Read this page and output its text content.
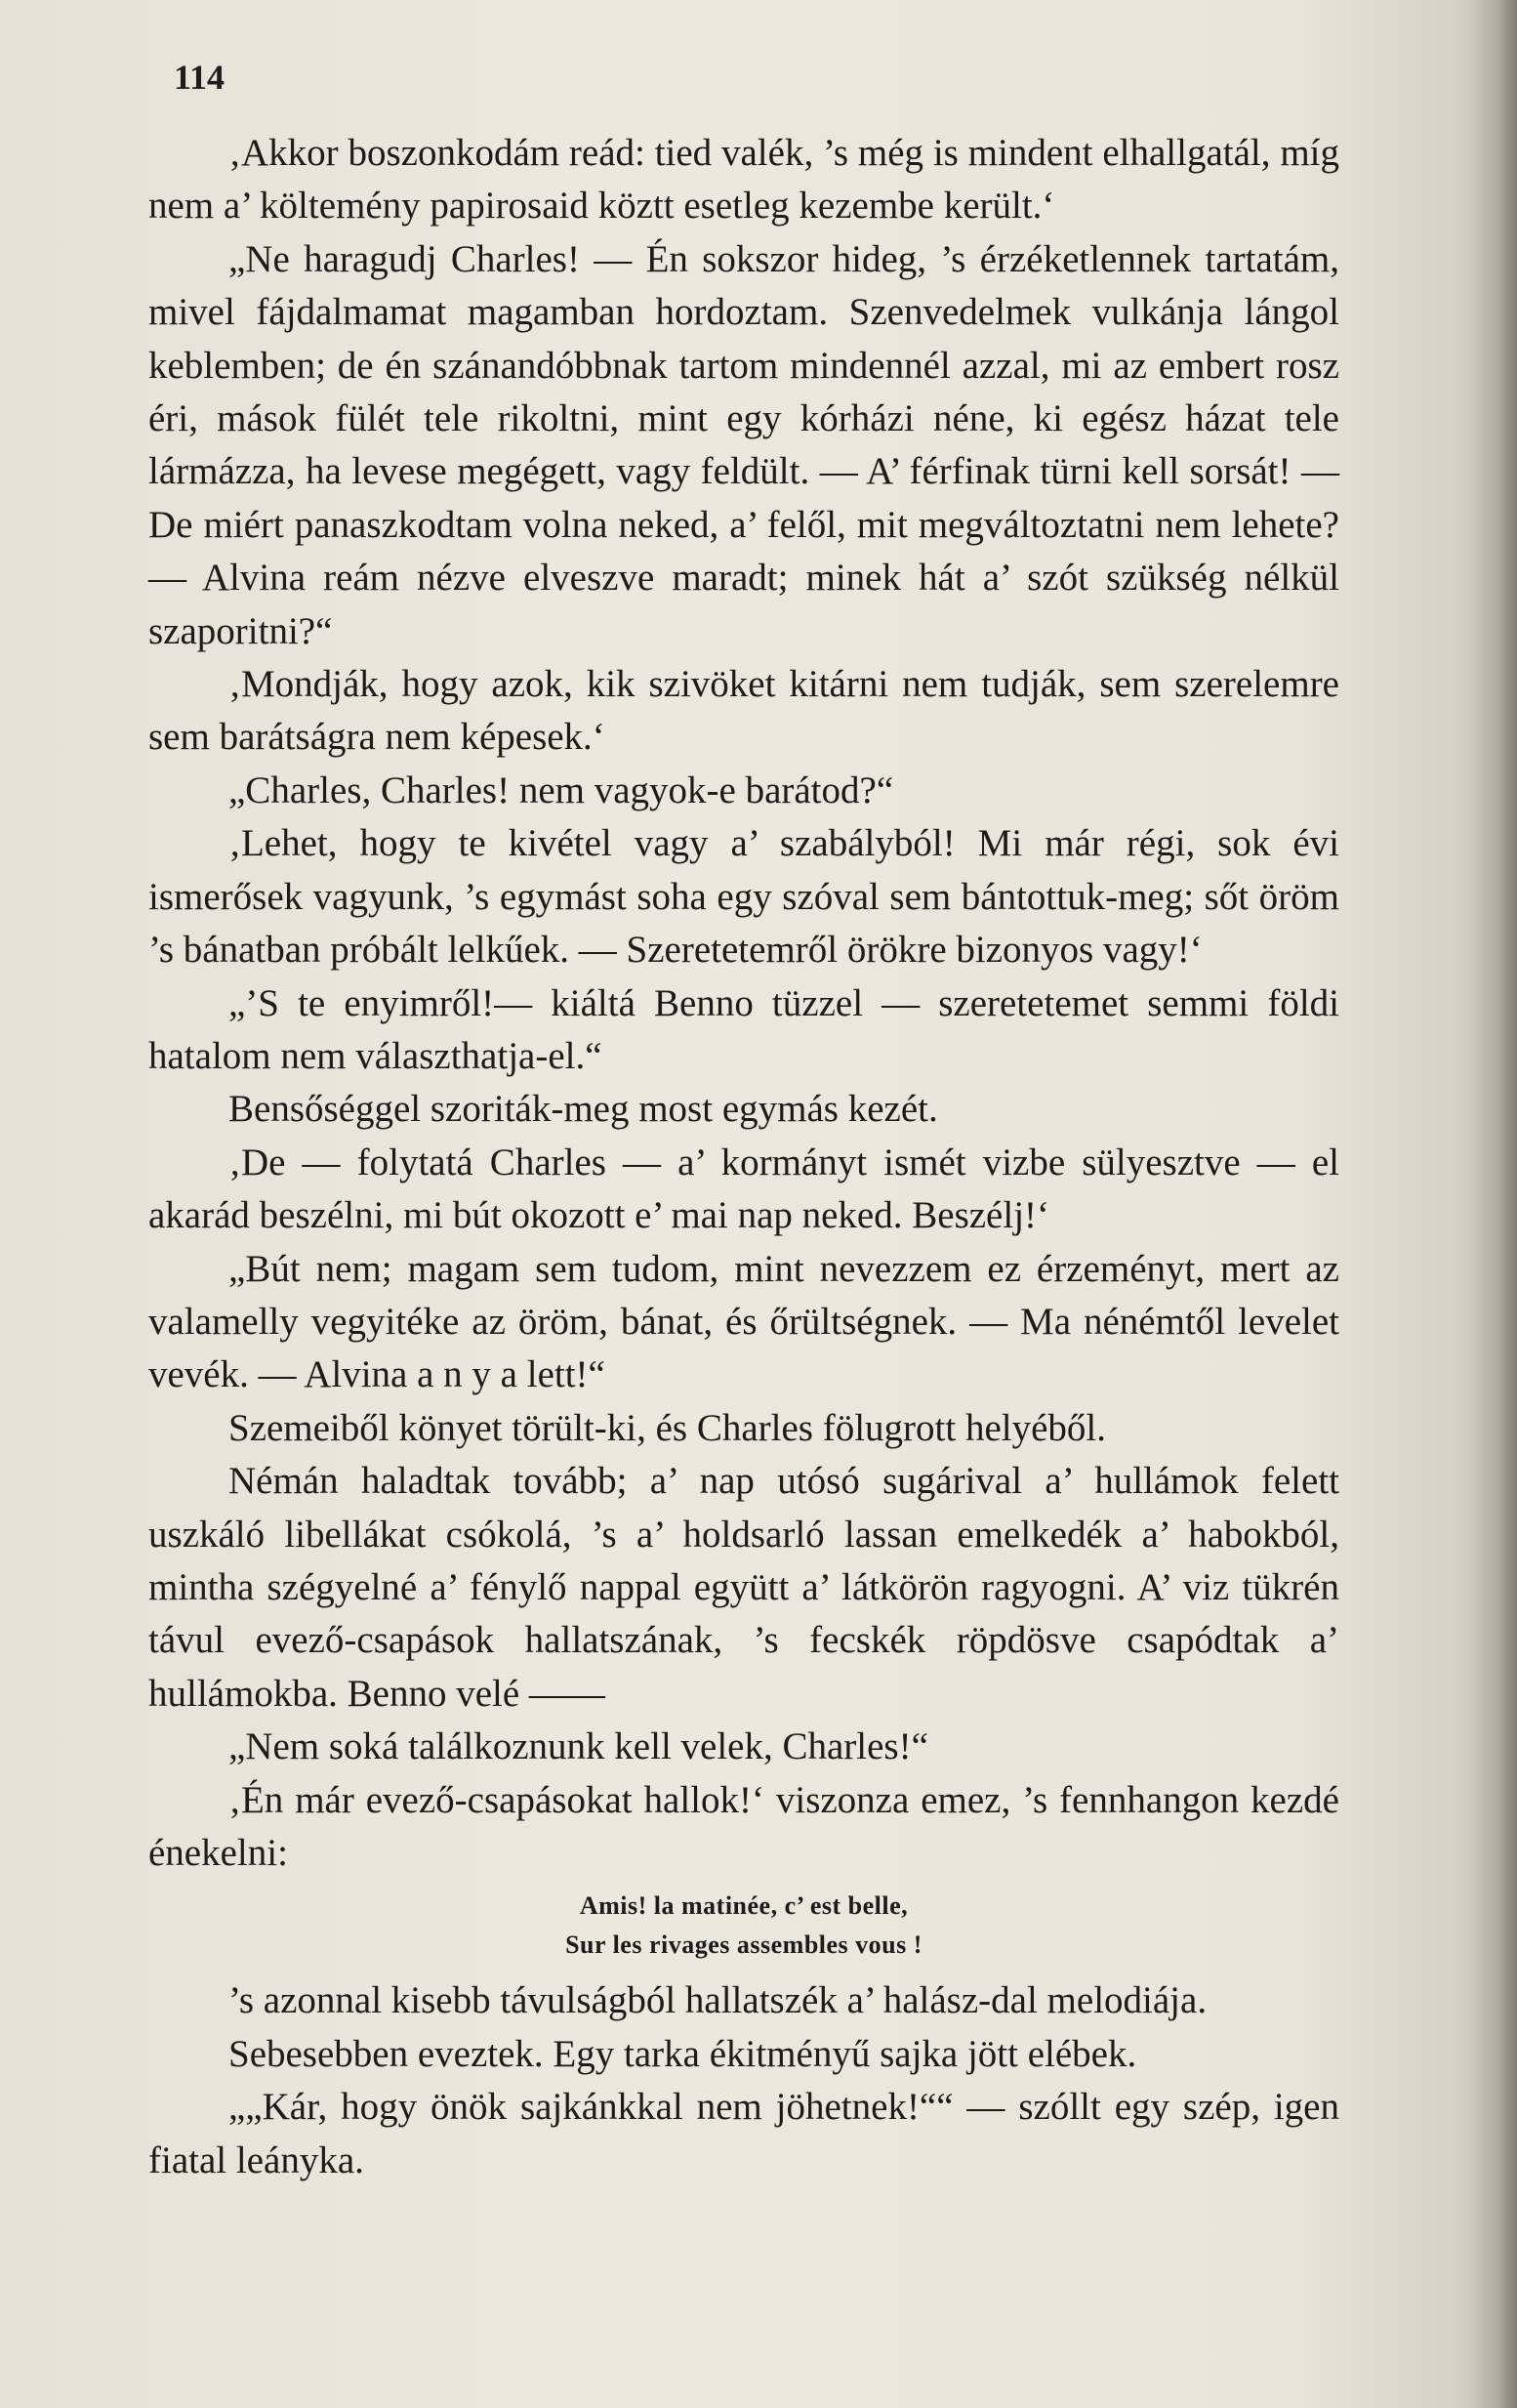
114

‚Akkor boszonkodám reád: tied valék, ’s még is mindent elhallgatál, míg nem a’ költemény papirosaid köztt esetleg kezembe került.‘

„Ne haragudj Charles! — Én sokszor hideg, ’s érzéketlennek tartatám, mivel fájdalmamat magamban hordoztam. Szenvedelmek vulkánja lángol keblemben; de én szánandóbbnak tartom mindennél azzal, mi az embert rosz éri, mások fülét tele rikoltni, mint egy kórházi néne, ki egész házat tele lármázza, ha levese megégett, vagy feldült. — A’ férfinak türni kell sorsát! — De miért panaszkodtam volna neked, a’ felől, mit megváltoztatni nem lehete? — Alvina reám nézve elveszve maradt; minek hát a’ szót szükség nélkül szaporitni?“

‚Mondják, hogy azok, kik szivöket kitárni nem tudják, sem szerelemre sem barátságra nem képesek.‘

„Charles, Charles! nem vagyok-e barátod?“

‚Lehet, hogy te kivétel vagy a’ szabályból! Mi már régi, sok évi ismerősek vagyunk, ’s egymást soha egy szóval sem bántottuk-meg; sőt öröm ’s bánatban próbált lelkűek. — Szeretetemről örökre bizonyos vagy!‘

„’S te enyimről!— kiáltá Benno tüzzel — szeretetemet semmi földi hatalom nem választhatja-el.“

Bensőséggel szoriták-meg most egymás kezét.

‚De — folytatá Charles — a’ kormányt ismét vizbe sülyesztve — el akarád beszélni, mi bút okozott e’ mai nap neked. Beszélj!‘

„Bút nem; magam sem tudom, mint nevezzem ez érzeményt, mert az valamelly vegyitéke az öröm, bánat, és őrültségnek. — Ma nénémtől levelet vevék. — Alvina a n y a lett!“

Szemeiből könyet törült-ki, és Charles fölugrott helyéből.

Némán haladtak tovább; a’ nap utósó sugárival a’ hullámok felett uszkáló libellákat csókolá, ’s a’ holdsarló lassan emelkedék a’ habokból, mintha szégyelné a’ fénylő nappal együtt a’ látkörön ragyogni. A’ viz tükrén távul evező-csapások hallatszának, ’s fecskék röpdösve csapódtak a’ hullámokba. Benno velé ——

„Nem soká találkoznunk kell velek, Charles!“

‚Én már evező-csapásokat hallok!‘ viszonza emez, ’s fennhangon kezdé énekelni:

Amis! la matinée, c’ est belle,
Sur les rivages assembles vous !

’s azonnal kisebb távulságból hallatszék a’ halász-dal melodiája.

Sebesebben eveztek. Egy tarka ékitményű sajka jött elébek.

„„Kár, hogy önök sajkánkkal nem jöhetnek!““ — szóllt egy szép, igen fiatal leányka.
